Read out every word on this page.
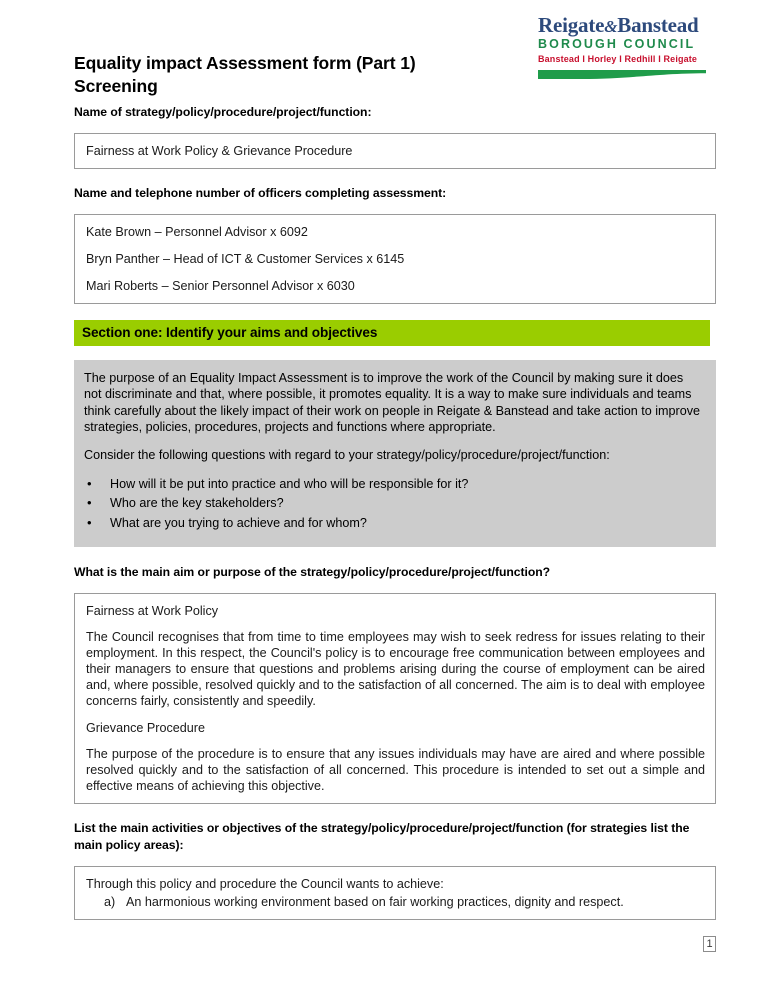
Reigate&Banstead
BOROUGH COUNCIL
Banstead I Horley I Redhill I Reigate
Equality impact Assessment form (Part 1) Screening
Name of strategy/policy/procedure/project/function:
Fairness at Work Policy & Grievance Procedure
Name and telephone number of officers completing assessment:
Kate Brown – Personnel Advisor x 6092
Bryn Panther – Head of ICT & Customer Services x 6145
Mari Roberts – Senior Personnel Advisor x 6030
Section one: Identify your aims and objectives

The purpose of an Equality Impact Assessment is to improve the work of the Council by making sure it does not discriminate and that, where possible, it promotes equality. It is a way to make sure individuals and teams think carefully about the likely impact of their work on people in Reigate & Banstead and take action to improve strategies, policies, procedures, projects and functions where appropriate.

Consider the following questions with regard to your strategy/policy/procedure/project/function:

• How will it be put into practice and who will be responsible for it?
• Who are the key stakeholders?
• What are you trying to achieve and for whom?
What is the main aim or purpose of the strategy/policy/procedure/project/function?

Fairness at Work Policy

The Council recognises that from time to time employees may wish to seek redress for issues relating to their employment. In this respect, the Council's policy is to encourage free communication between employees and their managers to ensure that questions and problems arising during the course of employment can be aired and, where possible, resolved quickly and to the satisfaction of all concerned. The aim is to deal with employee concerns fairly, consistently and speedily.

Grievance Procedure

The purpose of the procedure is to ensure that any issues individuals may have are aired and where possible resolved quickly and to the satisfaction of all concerned. This procedure is intended to set out a simple and effective means of achieving this objective.

List the main activities or objectives of the strategy/policy/procedure/project/function (for strategies list the main policy areas):

Through this policy and procedure the Council wants to achieve:

An harmonious working environment based on fair working practices, dignity and respect.
1
